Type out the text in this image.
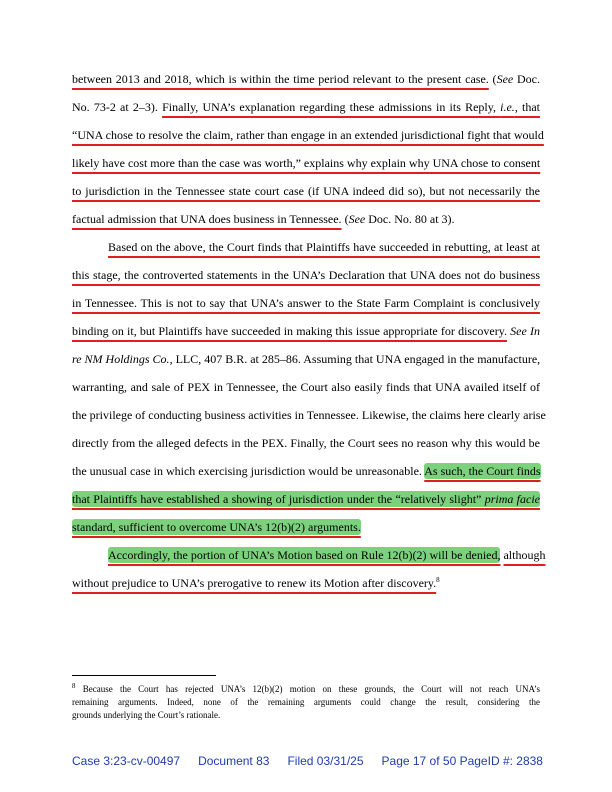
between 2013 and 2018, which is within the time period relevant to the present case. (See Doc.
No. 73-2 at 2–3). Finally, UNA’s explanation regarding these admissions in its Reply, i.e., that
“UNA chose to resolve the claim, rather than engage in an extended jurisdictional fight that would
likely have cost more than the case was worth,” explains why explain why UNA chose to consent
to jurisdiction in the Tennessee state court case (if UNA indeed did so), but not necessarily the
factual admission that UNA does business in Tennessee. (See Doc. No. 80 at 3).
Based on the above, the Court finds that Plaintiffs have succeeded in rebutting, at least at
this stage, the controverted statements in the UNA’s Declaration that UNA does not do business
in Tennessee. This is not to say that UNA’s answer to the State Farm Complaint is conclusively
binding on it, but Plaintiffs have succeeded in making this issue appropriate for discovery. See In
re NM Holdings Co., LLC, 407 B.R. at 285–86. Assuming that UNA engaged in the manufacture,
warranting, and sale of PEX in Tennessee, the Court also easily finds that UNA availed itself of
the privilege of conducting business activities in Tennessee. Likewise, the claims here clearly arise
directly from the alleged defects in the PEX. Finally, the Court sees no reason why this would be
the unusual case in which exercising jurisdiction would be unreasonable. As such, the Court finds
that Plaintiffs have established a showing of jurisdiction under the “relatively slight” prima facie
standard, sufficient to overcome UNA’s 12(b)(2) arguments.
Accordingly, the portion of UNA’s Motion based on Rule 12(b)(2) will be denied, although
without prejudice to UNA’s prerogative to renew its Motion after discovery.$^8$
$^8$ Because the Court has rejected UNA’s 12(b)(2) motion on these grounds, the Court will not reach UNA’s
remaining arguments. Indeed, none of the remaining arguments could change the result, considering the
grounds underlying the Court’s rationale.
Case 3:23-cv-00497 Document 83 Filed 03/31/25 Page 17 of 50 PageID #: 2838
